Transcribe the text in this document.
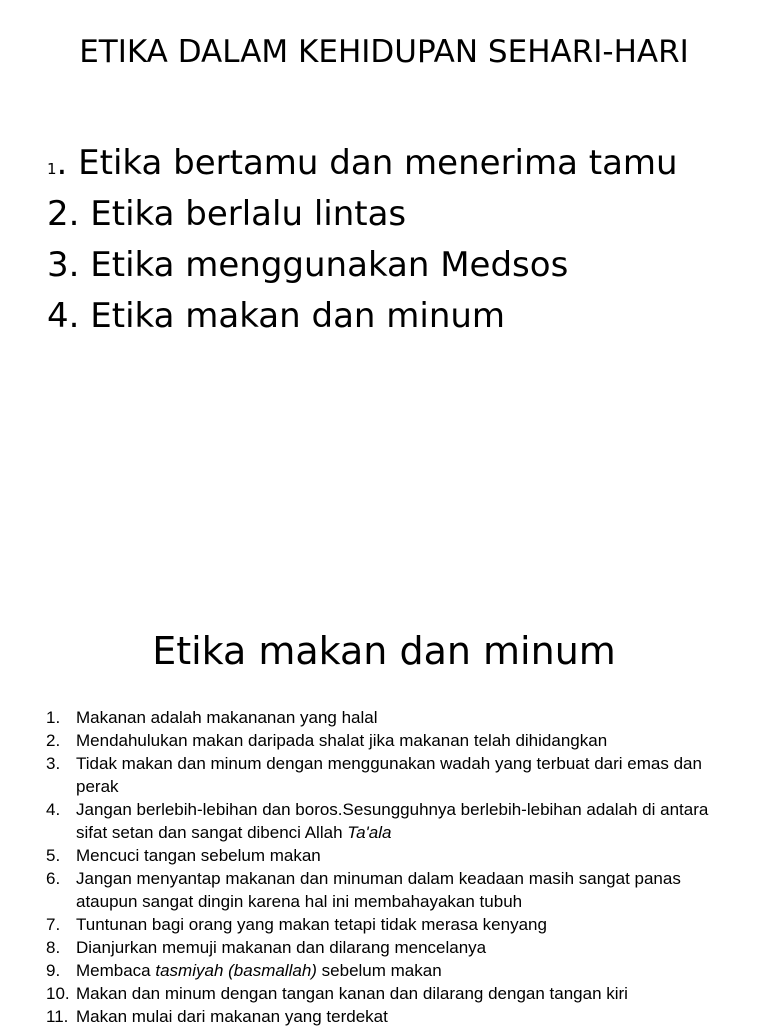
ETIKA DALAM KEHIDUPAN SEHARI-HARI
1. Etika bertamu dan menerima tamu
2. Etika berlalu lintas
3. Etika menggunakan Medsos
4. Etika makan dan minum
Etika makan dan minum
1. Makanan adalah makananan yang halal
2. Mendahulukan makan daripada shalat jika makanan telah dihidangkan
3. Tidak makan dan minum dengan menggunakan wadah yang terbuat dari emas dan perak
4. Jangan berlebih-lebihan dan boros.Sesungguhnya berlebih-lebihan adalah di antara sifat setan dan sangat dibenci Allah Ta'ala
5. Mencuci tangan sebelum makan
6. Jangan menyantap makanan dan minuman dalam keadaan masih sangat panas ataupun sangat dingin karena hal ini membahayakan tubuh
7. Tuntunan bagi orang yang makan tetapi tidak merasa kenyang
8. Dianjurkan memuji makanan dan dilarang mencelanya
9. Membaca tasmiyah (basmallah) sebelum makan
10. Makan dan minum dengan tangan kanan dan dilarang dengan tangan kiri
11. Makan mulai dari makanan yang terdekat
